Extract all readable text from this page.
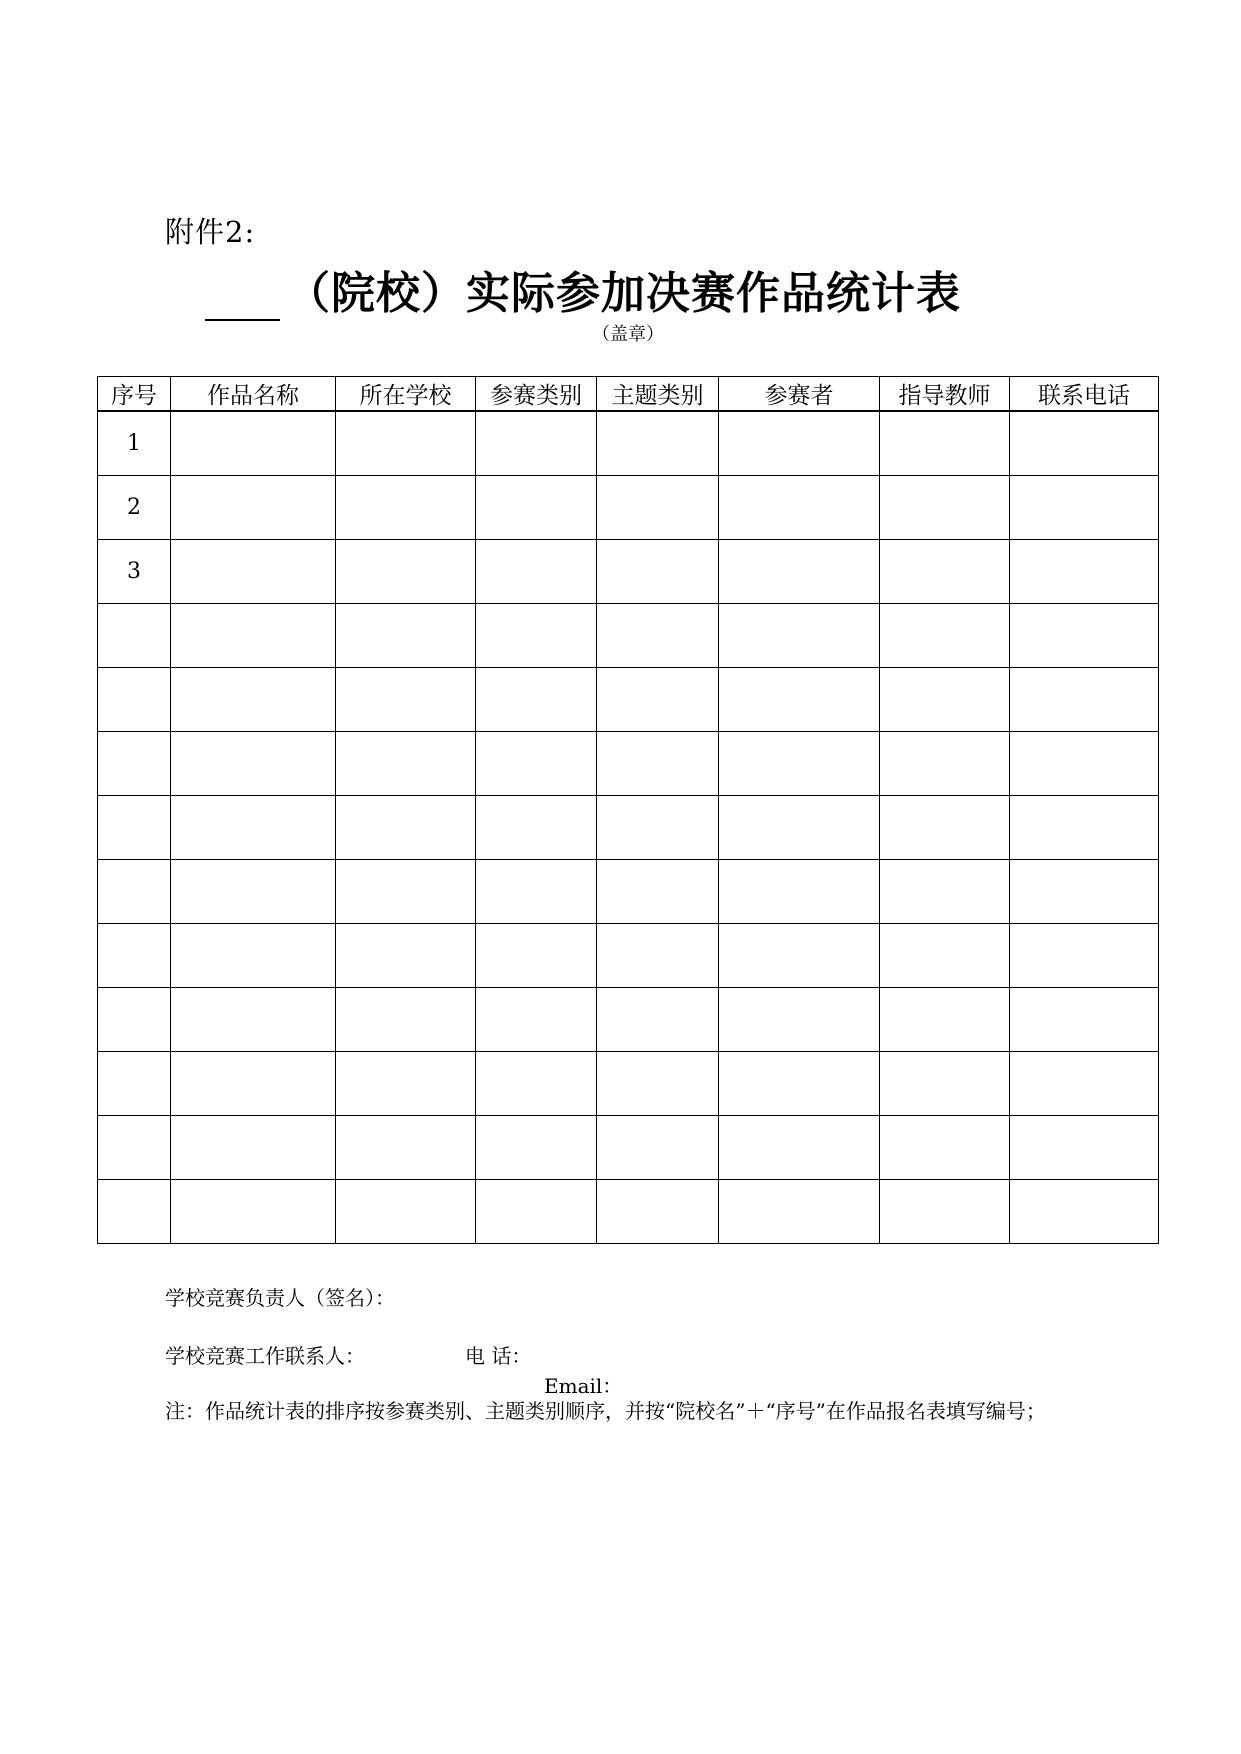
附件2:
（院校）实际参加决赛作品统计表
（盖章）
序号	作品名称	所在学校	参赛类别	主题类别	参赛者	指导教师	联系电话
1							
2							
3							

学校竞赛负责人（签名）：
学校竞赛工作联系人：	电 话：
Email：
注：作品统计表的排序按参赛类别、主题类别顺序，并按“院校名”＋“序号”在作品报名表填写编号；
